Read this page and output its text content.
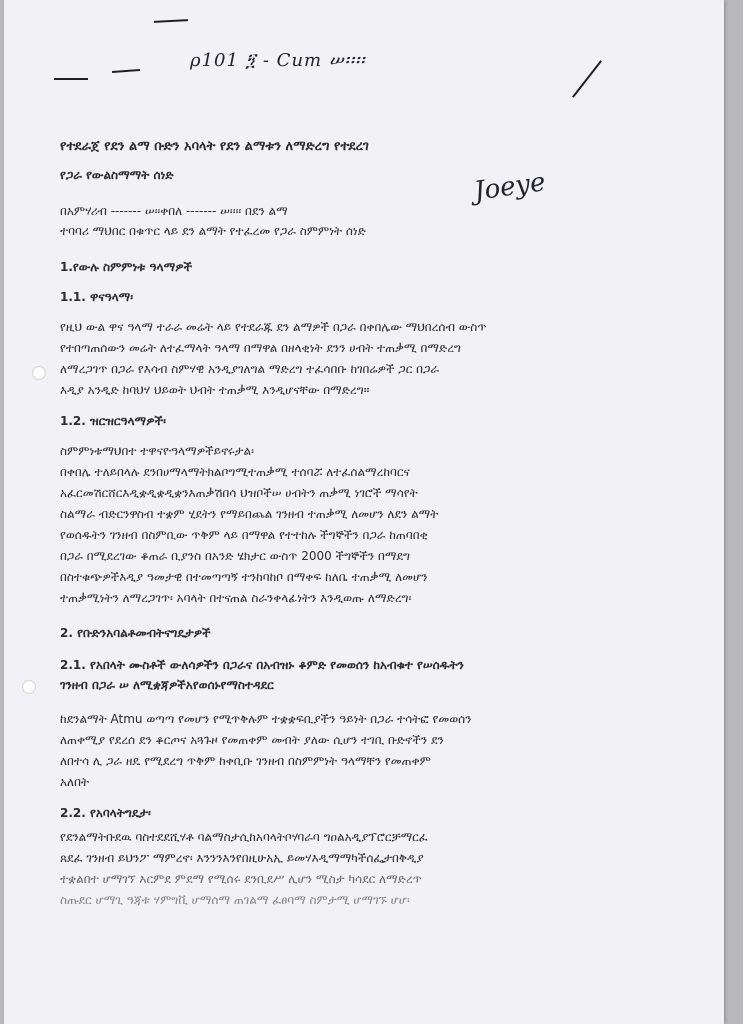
ρ101 ፺ - Cum ሠ፡፡፡፡
የተደራጀ የደን ልማ ቡድን አባላት የደን ልማቱን ለማድረግ የተደረገ
የጋራ የውልስማማት ሰነድ
በአምሃሪብ ------- ሠ፡፡ቀበለ ------- ሠ፡፡፡፡ በደን ልማ
Joeye
ተባባሪ ማህበር በቁጥር ላይ ደን ልማት የተፈረመ የጋራ ስምምነት ሰነድ
1.የውሉ ስምምነቱ ዓላማዎች
1.1. ዋናዓላማ፡
የዚህ ውል ዋና ዓላማ ተራራ መሬት ላይ የተደራጁ ደን ልማዎች በጋራ በቀበሌው ማህበረሰብ ውስጥ
የተበጣጠሰውን መሬት ለተፈማላት ዓላማ በማዋል በዘላቂነት ደንን ሀብት ተጠቃሚ በማድረግ
ለማረጋገጥ በጋራ የእሳብ ስምሃዊ አንዲያገለግል ማድረግ ተፈሳበቡ ከገበሬዎች ጋር በጋራ
እዲያ አንዲድ ከባህሃ ህይወት ህብት ተጠቃሚ እንዲሆናቸው በማድረግ።
1.2. ዝርዝርዓላማዎች፡
ስምምነቱማህበተ ተዋናዮዓላማዎችይኖሩታል፡
በቀበሌ ተለይበላሉ ደንበሀማላማትክልቦግሚተጠቃሚ ተሰባሯ ለተፈሰልማረከባርና
አፈርመሽርሸርእዲቋዲቋዲቋንእጠቃሽበሳ ህዝቦችሠ ሀብትን ጠቃሚ ነገሮች ማሳየት
ስልማራ ብድርንዋስብ ተቋም ሂደትን የማይበጨል ገንዘብ ተጠቃሚ ለመሆን ለደን ልማት
የወሰዱትን ገንዘብ በስምቢው ጥቅም ላይ በማዋል የተተከሉ ችግኞችን በጋራ ከጠባበቂ
በጋራ በሚደረገው ቆጠራ ቢያንስ በአንድ ሄክታር ውስጥ 2000 ችግኞችን በማደግ
በስተቁጭዎችእዲያ ዓመታዊ በተመጣጣኝ ተንከባከቦ በማቀፍ ከለቤ ተጠቃሚ ለመሆን
ተጠቃሚነትን ለማረጋገጥ፡ አባላት በተናጠል ስራንቀላፊነትን እንዲወጡ ለማድረግ፡
2. የቡድንአባልቶመብትናግዴታዎች
2.1. የአበላት ሙስቶች ውለሳዎችን በጋራና በአብዝኑ ቆምድ የመወሰን ከአብቁተ የሠሰዱትን
ገንዘብ በጋራ ሠ ለሚቋጃዎችአየወሰኑየማስተዳደር
ከደንልማት Atmu ወጣጣ የመሆን የሚጥቅሉም ተቋቋፍቢያችን ዓይነት በጋራ ተሳትፎ የመወሰን
ለጠቀሚያ የደረሰ ደን ቆርጦና አጓጉዞ የመጠቀም መብት ያለው ሲሆን ተገቢ ቡድኖችን ደን
ለበተሳ ሊ ጋራ ዘዴ የሚደረግ ጥቅም ከቀቢቡ ገንዘብ በስምምነት ዓላማቸን የመጠቀም
አለበት
2.2. የአባላትግዴታ፡
የደንልማትቡደዉ ባስተደደሺሃቶ ባልማስታሲከአባላትቦሃባራባ ግዐልአዲያፕሮርቻማርፈ
ጸደፈ ገንዘብ ይህንፖ ማምረኖ፡ እንንንእንየበዚሁአኢ ይመሃእዲማማካችሰፌታበቅዲያ
ተቋልበተ ሆማገኘ እርምደ ምደማ የሚሰሩ ደንቢደሥ ሊሆን ሚስታ ካሳደር ለማድረጥ
ስጡደር ሆማጊ ዓጃቱ ሃምግቪ ሆማሰማ ጠገልማ ፈፀባማ ስምታሚ ሆማገኙ ሆሆ፡
